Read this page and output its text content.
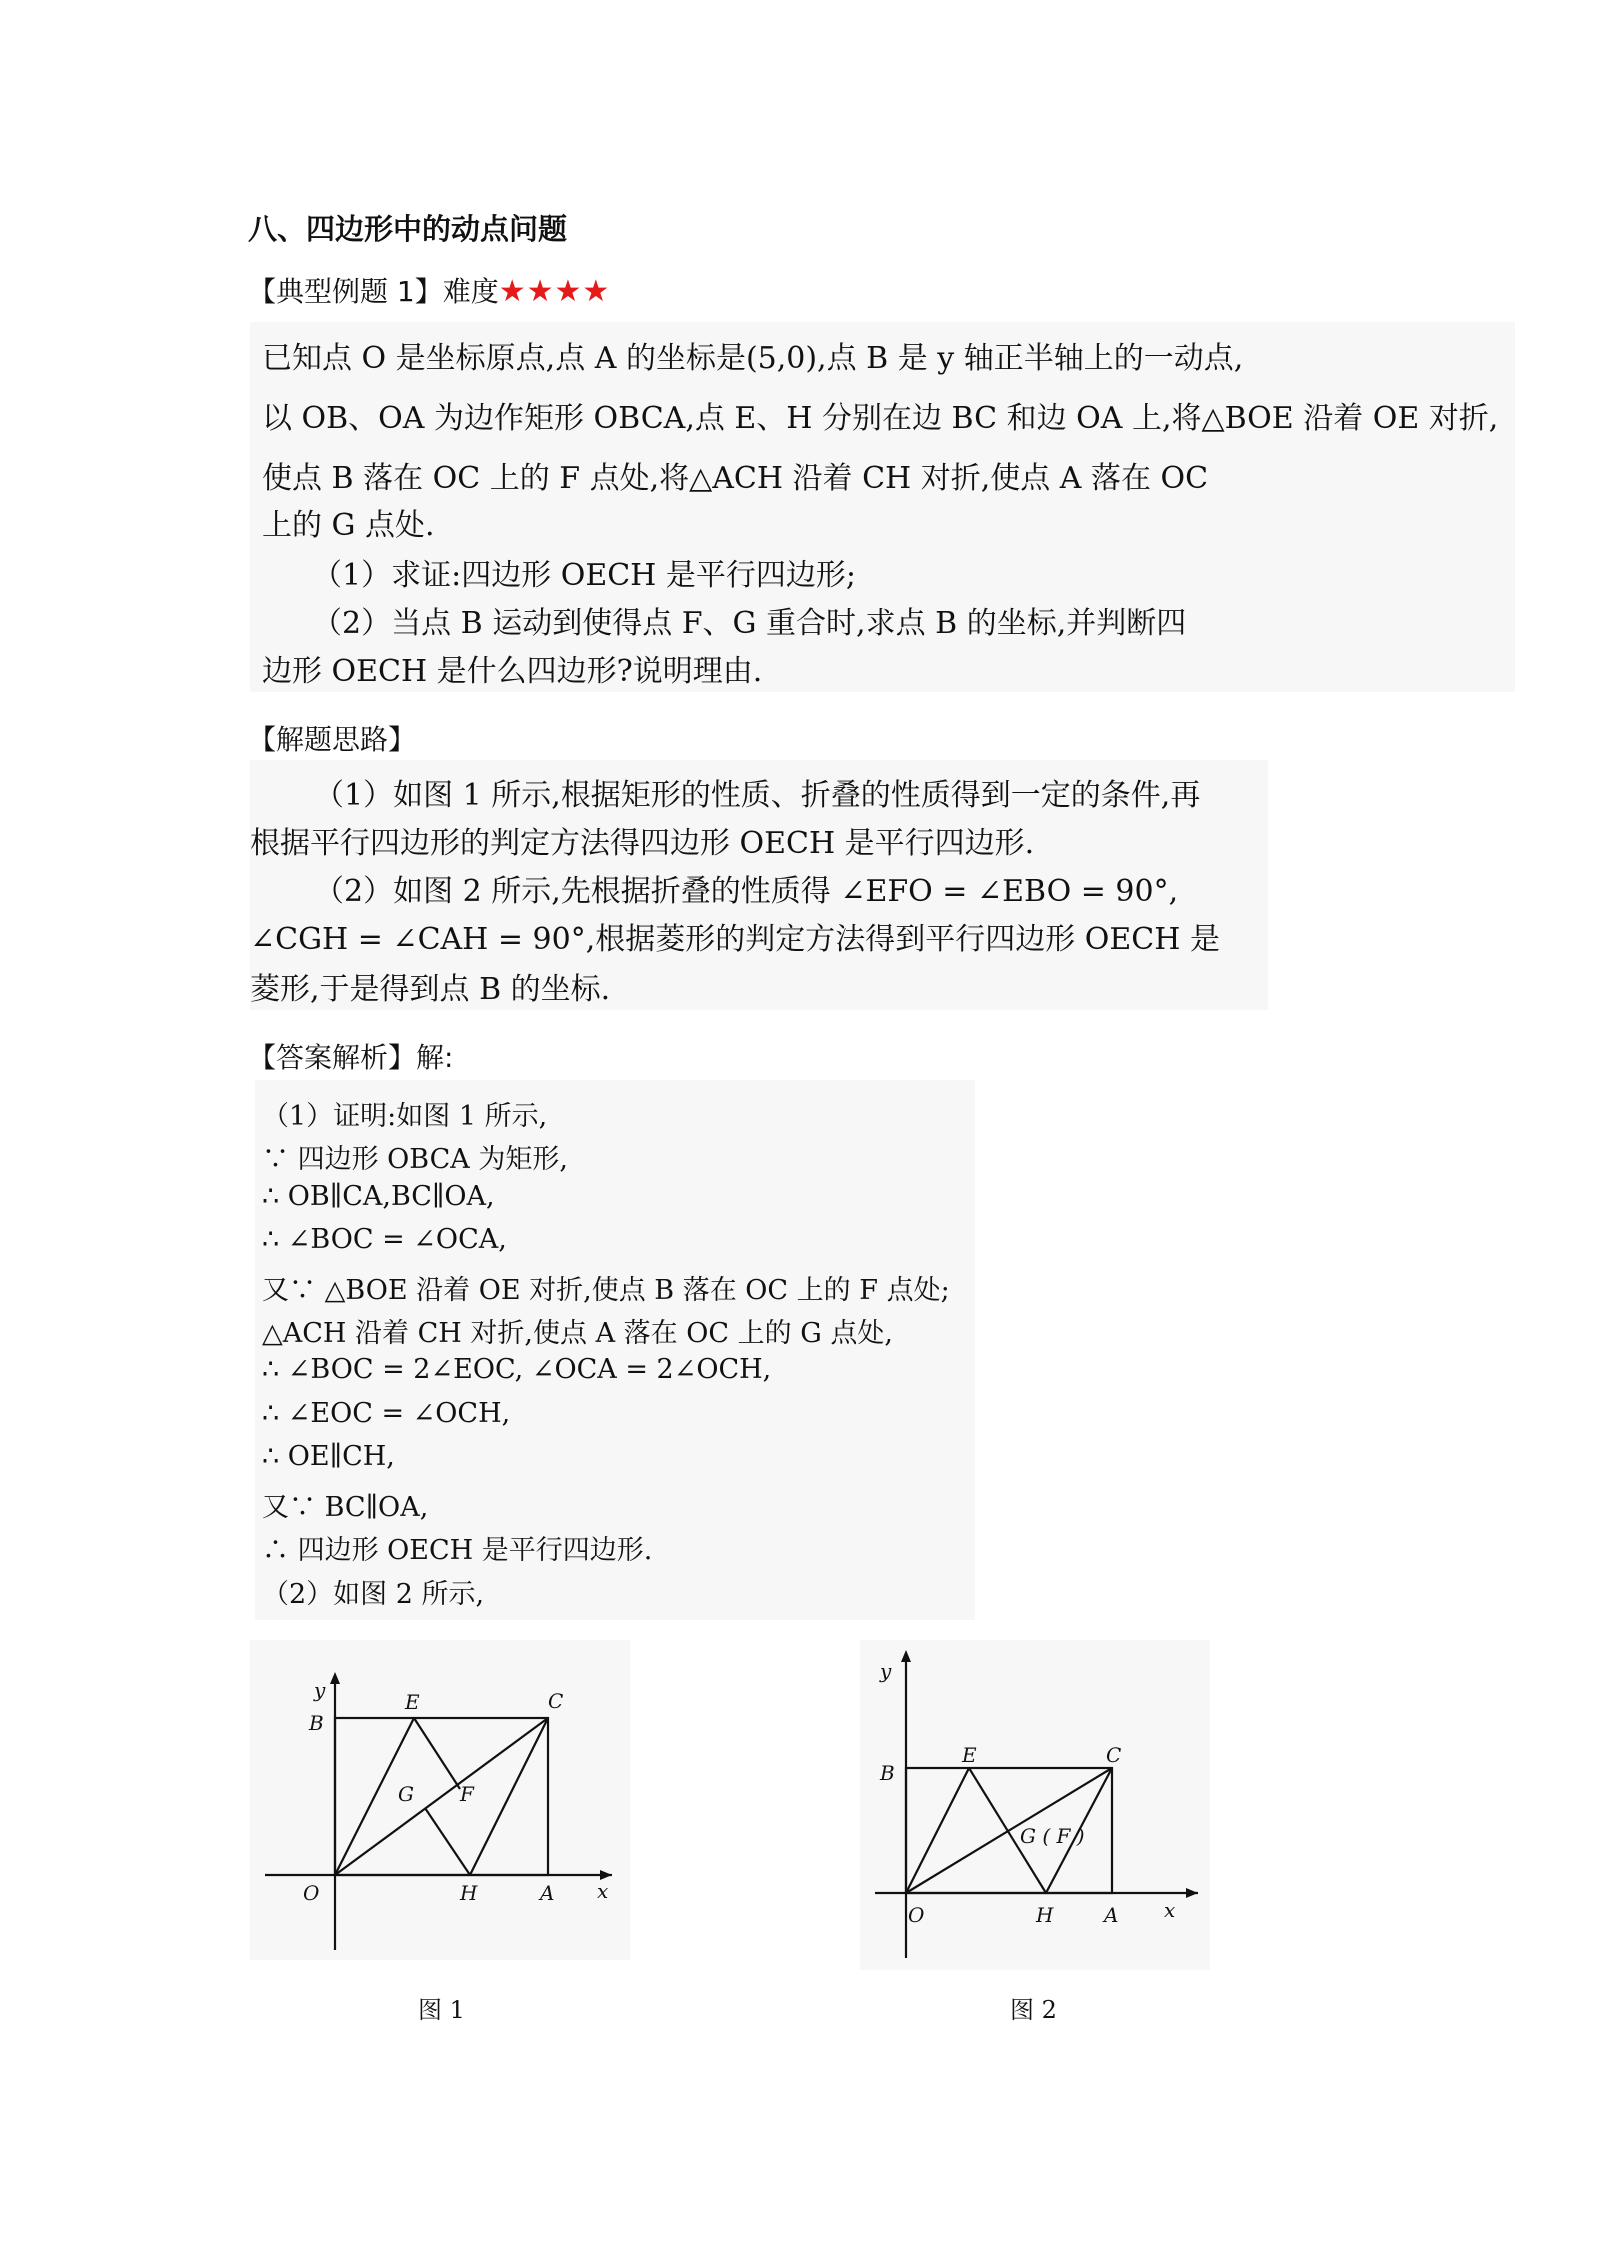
八、四边形中的动点问题
【典型例题 1】难度★★★★
已知点 O 是坐标原点,点 A 的坐标是(5,0),点 B 是 y 轴正半轴上的一动点,
以 OB、OA 为边作矩形 OBCA,点 E、H 分别在边 BC 和边 OA 上,将△BOE 沿着 OE 对折,
使点 B 落在 OC 上的 F 点处,将△ACH 沿着 CH 对折,使点 A 落在 OC
上的 G 点处.
（1）求证:四边形 OECH 是平行四边形;
（2）当点 B 运动到使得点 F、G 重合时,求点 B 的坐标,并判断四
边形 OECH 是什么四边形?说明理由.
【解题思路】
（1）如图 1 所示,根据矩形的性质、折叠的性质得到一定的条件,再
根据平行四边形的判定方法得四边形 OECH 是平行四边形.
（2）如图 2 所示,先根据折叠的性质得 ∠EFO = ∠EBO = 90°,
∠CGH = ∠CAH = 90°,根据菱形的判定方法得到平行四边形 OECH 是
菱形,于是得到点 B 的坐标.
【答案解析】解:
（1）证明:如图 1 所示,
∵ 四边形 OBCA 为矩形,
∴ OB∥CA,BC∥OA,
∴ ∠BOC = ∠OCA,
又∵ △BOE 沿着 OE 对折,使点 B 落在 OC 上的 F 点处;
△ACH 沿着 CH 对折,使点 A 落在 OC 上的 G 点处,
∴ ∠BOC = 2∠EOC, ∠OCA = 2∠OCH,
∴ ∠EOC = ∠OCH,
∴ OE∥CH,
又∵ BC∥OA,
∴ 四边形 OECH 是平行四边形.
（2）如图 2 所示,
y
B
E	C
G F
O	H	A x
图 1
y
B
E	C
G ( F )
O	H	A x
图 2
